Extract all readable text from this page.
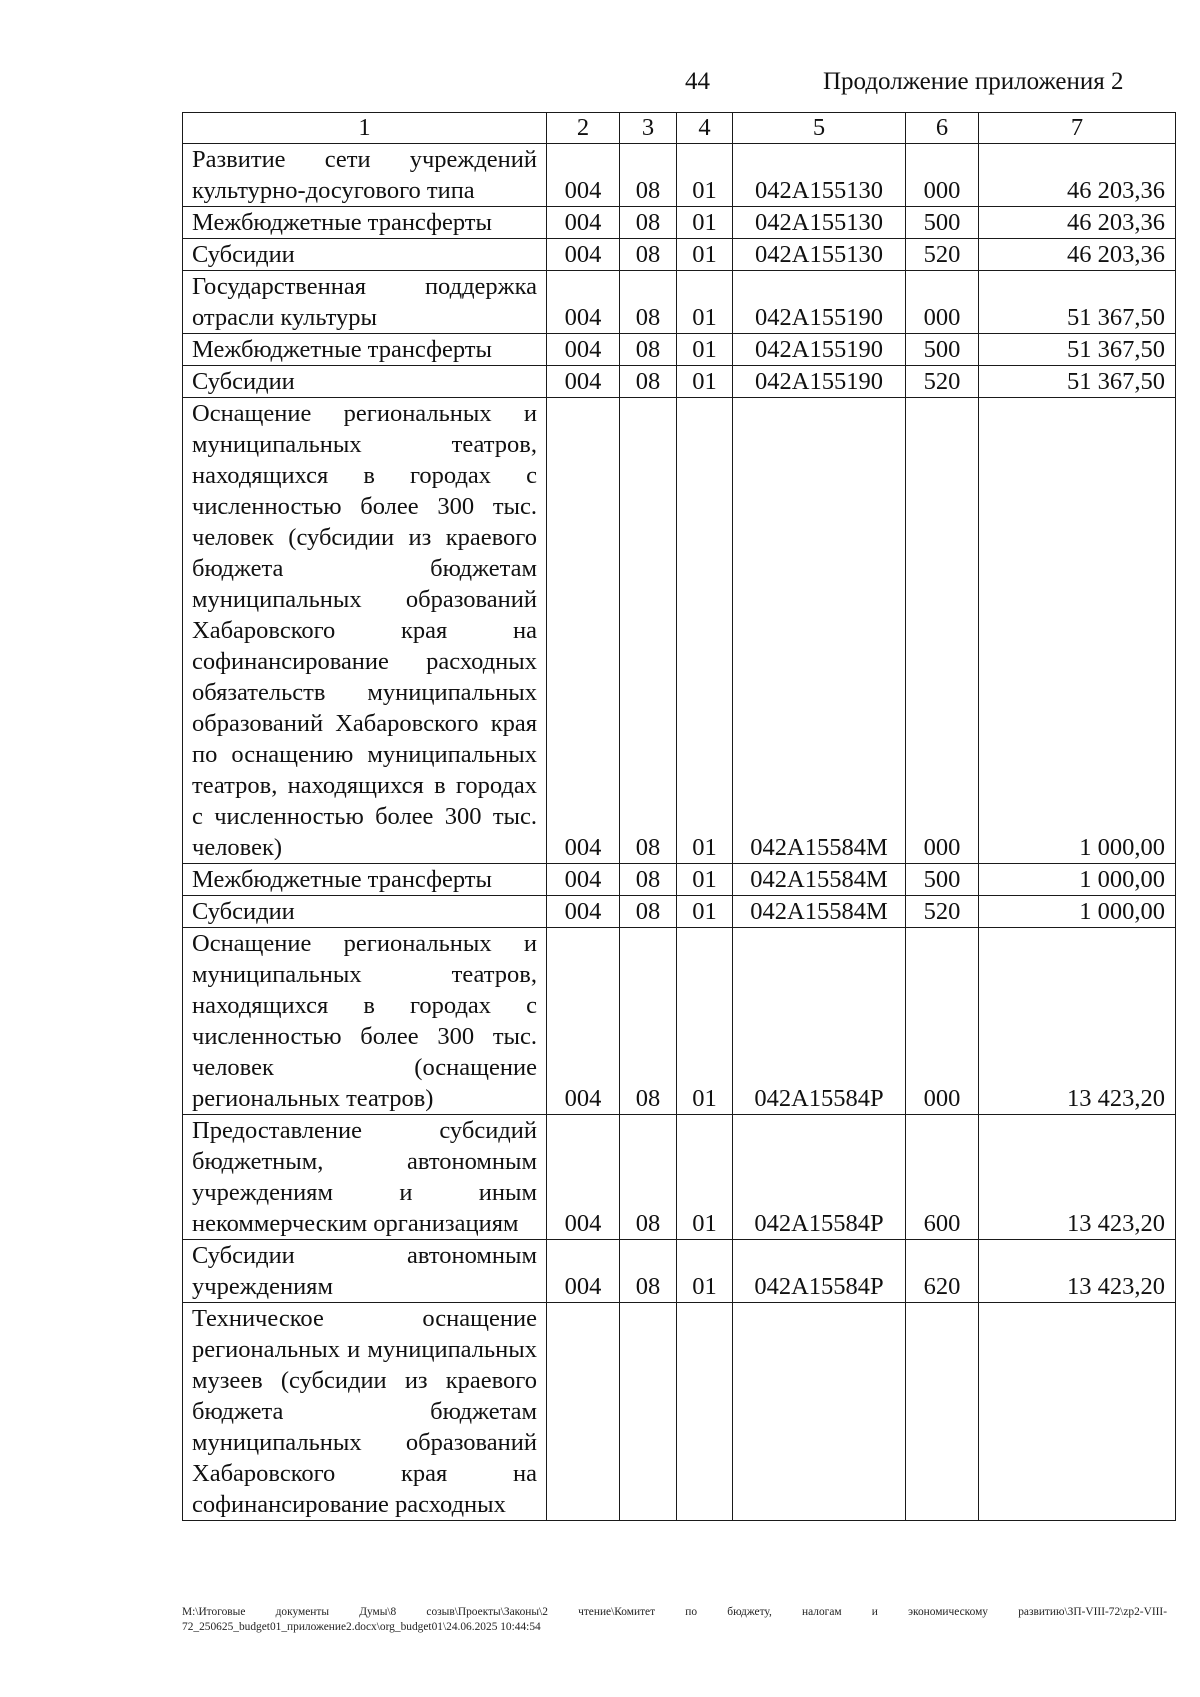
44	Продолжение приложения 2
1	2	3	4	5	6	7
Развитие сети учреждений культурно-досугового типа	004	08	01	042А155130	000	46 203,36
Межбюджетные трансферты	004	08	01	042А155130	500	46 203,36
Субсидии	004	08	01	042А155130	520	46 203,36
Государственная поддержка отрасли культуры	004	08	01	042А155190	000	51 367,50
Межбюджетные трансферты	004	08	01	042А155190	500	51 367,50
Субсидии	004	08	01	042А155190	520	51 367,50
Оснащение региональных и муниципальных театров, находящихся в городах с численностью более 300 тыс. человек (субсидии из краевого бюджета бюджетам муниципальных образований Хабаровского края на софинансирование расходных обязательств муниципальных образований Хабаровского края по оснащению муниципальных театров, находящихся в городах с численностью более 300 тыс. человек)	004	08	01	042А15584М	000	1 000,00
Межбюджетные трансферты	004	08	01	042А15584М	500	1 000,00
Субсидии	004	08	01	042А15584М	520	1 000,00
Оснащение региональных и муниципальных театров, находящихся в городах с численностью более 300 тыс. человек (оснащение региональных театров)	004	08	01	042А15584Р	000	13 423,20
Предоставление субсидий бюджетным, автономным учреждениям и иным некоммерческим организациям	004	08	01	042А15584Р	600	13 423,20
Субсидии автономным учреждениям	004	08	01	042А15584Р	620	13 423,20
Техническое оснащение региональных и муниципальных музеев (субсидии из краевого бюджета бюджетам муниципальных образований Хабаровского края на софинансирование расходных						
M:\Итоговые документы Думы\8 созыв\Проекты\Законы\2 чтение\Комитет по бюджету, налогам и экономическому развитию\ЗП-VIII-72\zp2-VIII-72_250625_budget01_приложение2.docx\org_budget01\24.06.2025 10:44:54
